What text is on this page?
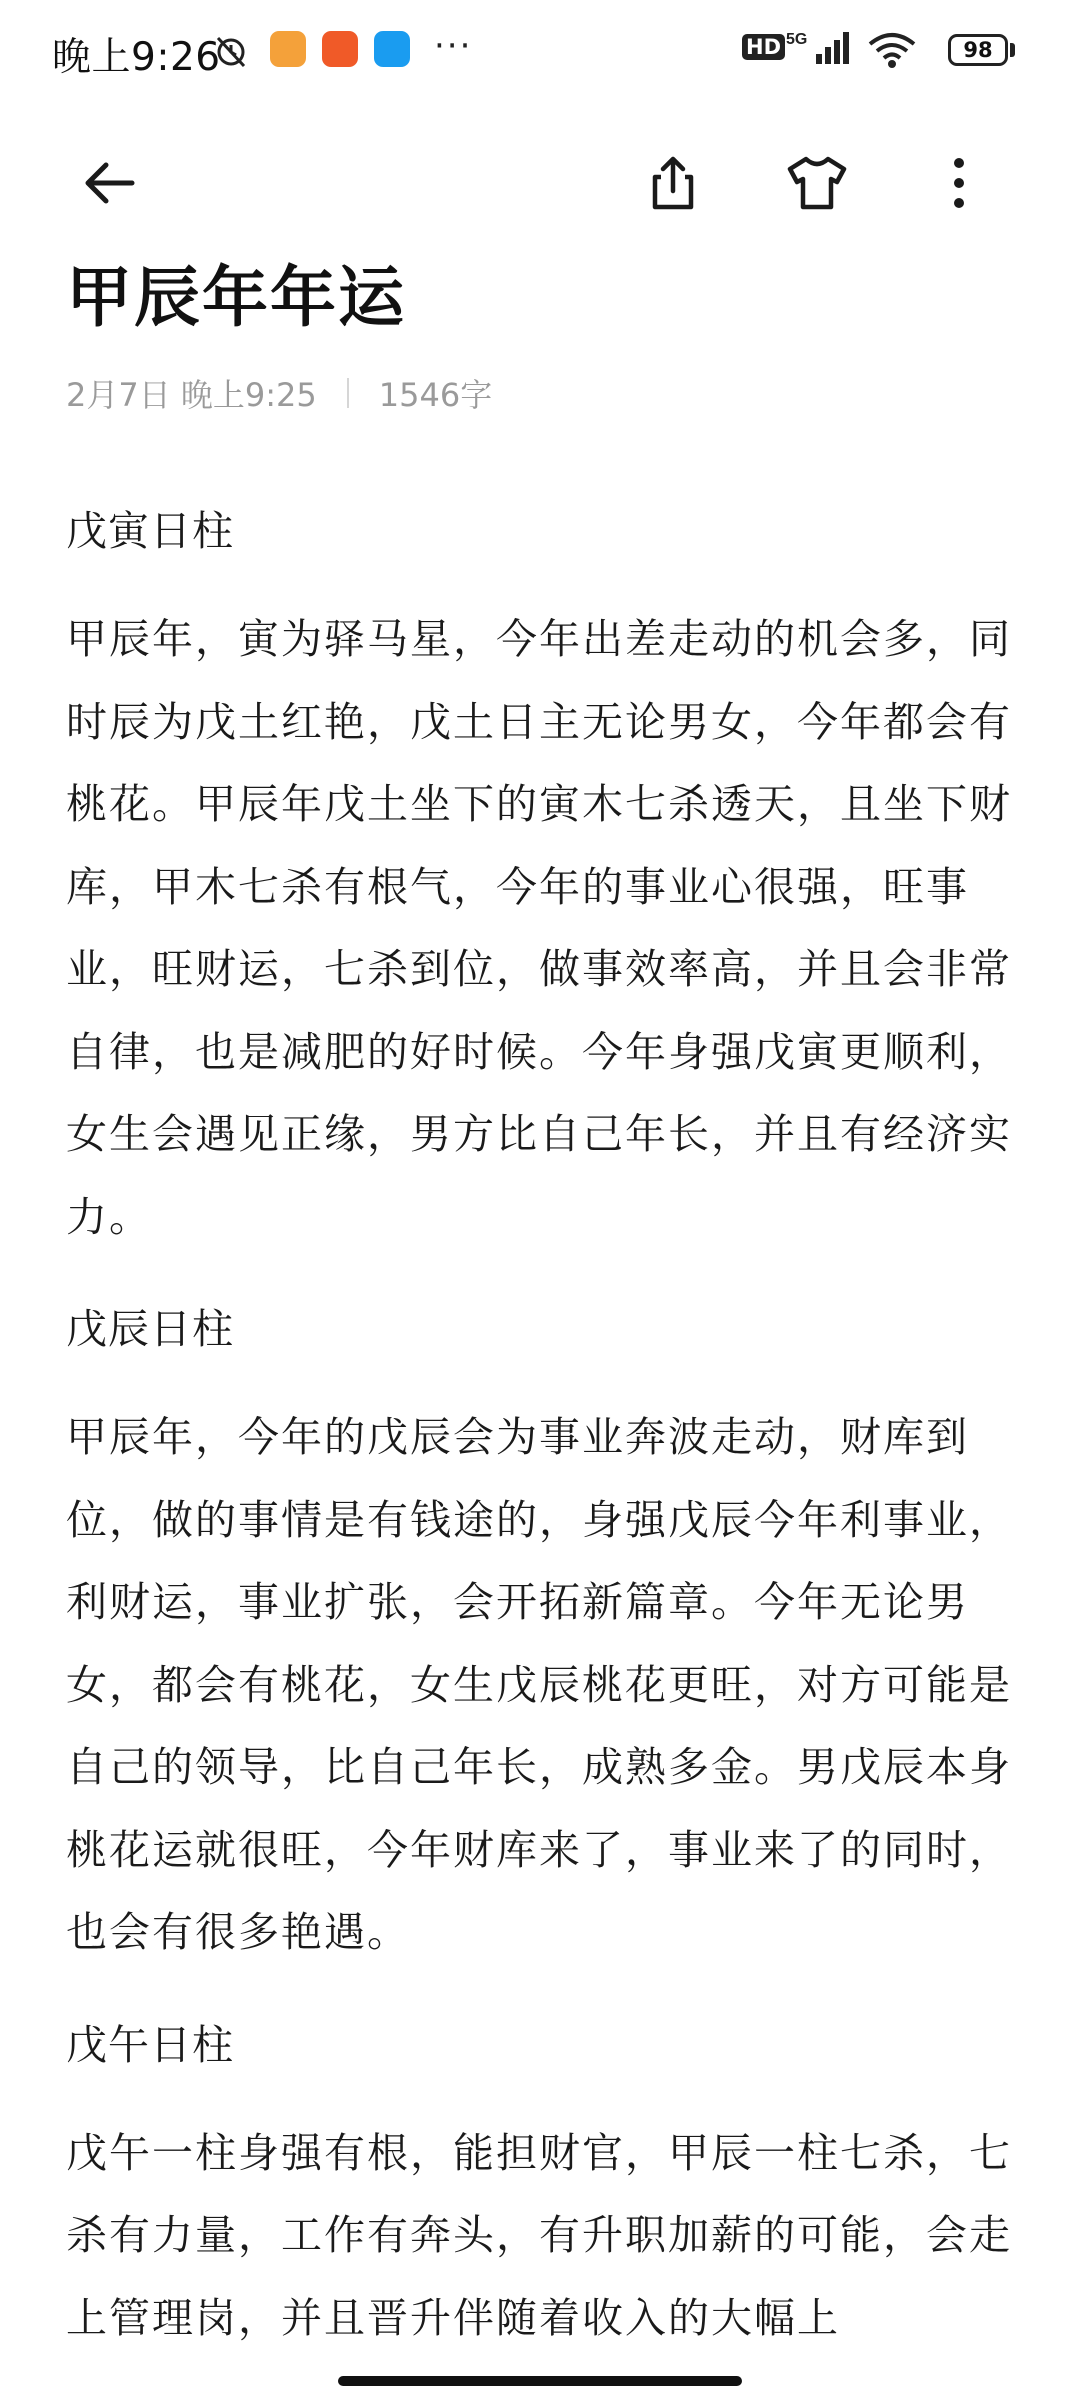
晚上9:26	···	HD 5G	98
甲辰年年运
2月7日 晚上9:25 1546字

戊寅日柱

甲辰年，寅为驿马星，今年出差走动的机会多，同时辰为戊土红艳，戊土日主无论男女，今年都会有桃花。甲辰年戊土坐下的寅木七杀透天，且坐下财库，甲木七杀有根气，今年的事业心很强，旺事业，旺财运，七杀到位，做事效率高，并且会非常自律，也是减肥的好时候。今年身强戊寅更顺利，女生会遇见正缘，男方比自己年长，并且有经济实力。

戊辰日柱

甲辰年，今年的戊辰会为事业奔波走动，财库到位，做的事情是有钱途的，身强戊辰今年利事业，利财运，事业扩张，会开拓新篇章。今年无论男女，都会有桃花，女生戊辰桃花更旺，对方可能是自己的领导，比自己年长，成熟多金。男戊辰本身桃花运就很旺，今年财库来了，事业来了的同时，也会有很多艳遇。

戊午日柱

戊午一柱身强有根，能担财官，甲辰一柱七杀，七杀有力量，工作有奔头，有升职加薪的可能，会走上管理岗，并且晋升伴随着收入的大幅上
